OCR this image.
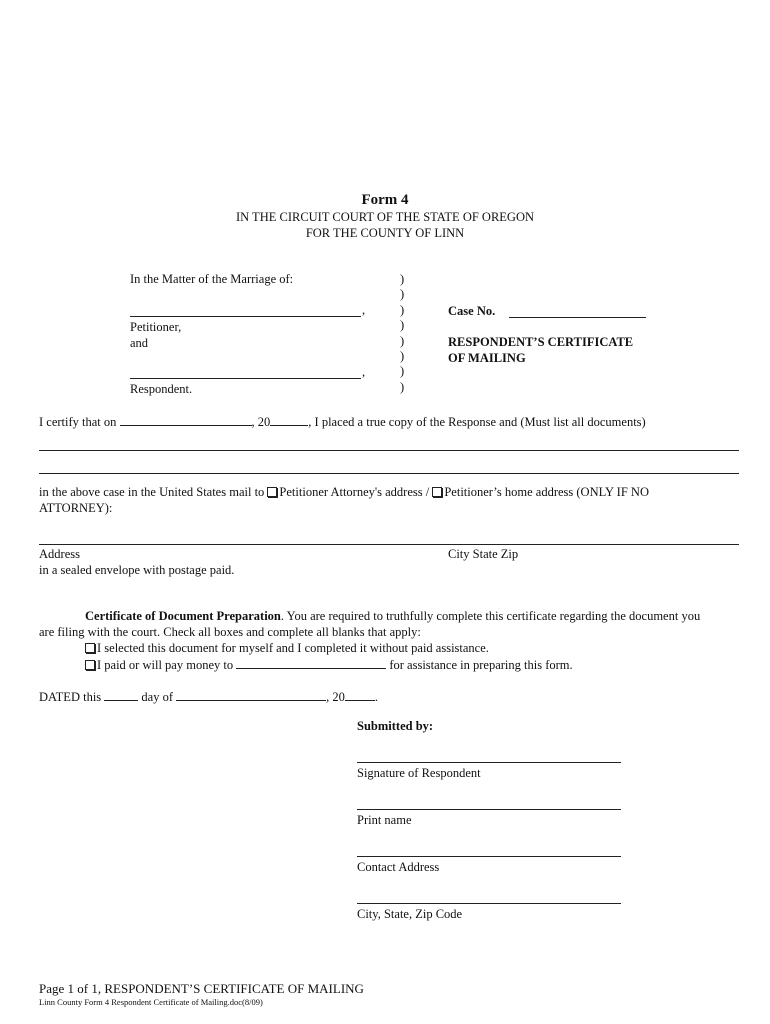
Form 4
IN THE CIRCUIT COURT OF THE STATE OF OREGON
FOR THE COUNTY OF LINN
In the Matter of the Marriage of:
,
Petitioner,
and
,
Respondent.
)
)
)
)
)
)
)
)
Case No.
RESPONDENT’S CERTIFICATE
OF MAILING
I certify that on	, 20	, I placed a true copy of the Response and (Must list all documents)
in the above case in the United States mail to Petitioner Attorney's address / Petitioner’s home address (ONLY IF NO
ATTORNEY):
Address	City State Zip
in a sealed envelope with postage paid.
Certificate of Document Preparation. You are required to truthfully complete this certificate regarding the document you
are filing with the court. Check all boxes and complete all blanks that apply:
I selected this document for myself and I completed it without paid assistance.
I paid or will pay money to	for assistance in preparing this form.
DATED this	day of	, 20 .
Submitted by:
Signature of Respondent
Print name
Contact Address
City, State, Zip Code
Page 1 of 1, RESPONDENT’S CERTIFICATE OF MAILING
Linn County Form 4 Respondent Certificate of Mailing.doc(8/09)
